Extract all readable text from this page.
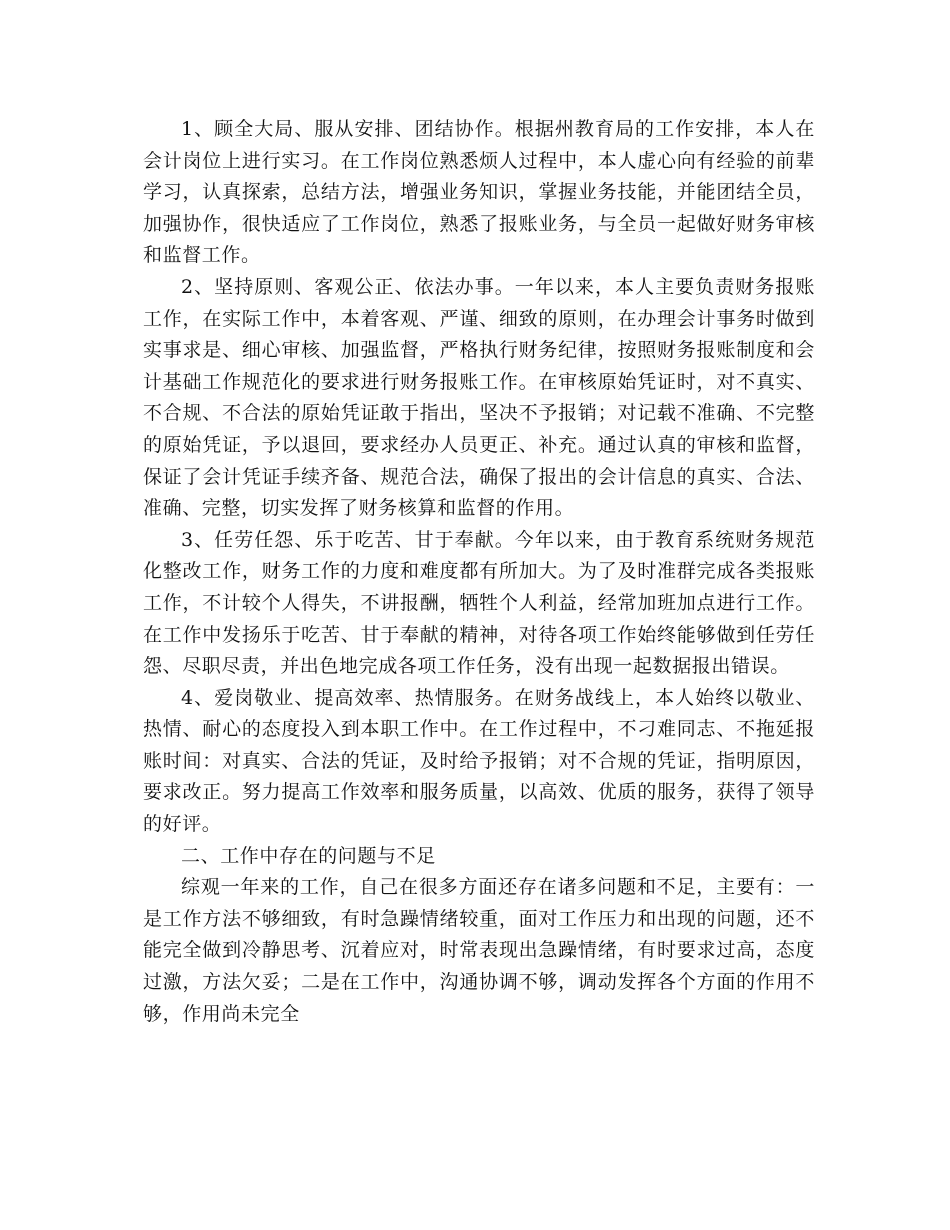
1、顾全大局、服从安排、团结协作。根据州教育局的工作安排，本人在会计岗位上进行实习。在工作岗位熟悉烦人过程中，本人虚心向有经验的前辈学习，认真探索，总结方法，增强业务知识，掌握业务技能，并能团结全员，加强协作，很快适应了工作岗位，熟悉了报账业务，与全员一起做好财务审核和监督工作。

2、坚持原则、客观公正、依法办事。一年以来，本人主要负责财务报账工作，在实际工作中，本着客观、严谨、细致的原则，在办理会计事务时做到实事求是、细心审核、加强监督，严格执行财务纪律，按照财务报账制度和会计基础工作规范化的要求进行财务报账工作。在审核原始凭证时，对不真实、不合规、不合法的原始凭证敢于指出，坚决不予报销；对记载不准确、不完整的原始凭证，予以退回，要求经办人员更正、补充。通过认真的审核和监督，保证了会计凭证手续齐备、规范合法，确保了报出的会计信息的真实、合法、准确、完整，切实发挥了财务核算和监督的作用。

3、任劳任怨、乐于吃苦、甘于奉献。今年以来，由于教育系统财务规范化整改工作，财务工作的力度和难度都有所加大。为了及时准群完成各类报账工作，不计较个人得失，不讲报酬，牺牲个人利益，经常加班加点进行工作。在工作中发扬乐于吃苦、甘于奉献的精神，对待各项工作始终能够做到任劳任怨、尽职尽责，并出色地完成各项工作任务，没有出现一起数据报出错误。

4、爱岗敬业、提高效率、热情服务。在财务战线上，本人始终以敬业、热情、耐心的态度投入到本职工作中。在工作过程中，不刁难同志、不拖延报账时间：对真实、合法的凭证，及时给予报销；对不合规的凭证，指明原因，要求改正。努力提高工作效率和服务质量，以高效、优质的服务，获得了领导的好评。

二、工作中存在的问题与不足

综观一年来的工作，自己在很多方面还存在诸多问题和不足，主要有：一是工作方法不够细致，有时急躁情绪较重，面对工作压力和出现的问题，还不能完全做到冷静思考、沉着应对，时常表现出急躁情绪，有时要求过高，态度过激，方法欠妥；二是在工作中，沟通协调不够，调动发挥各个方面的作用不够，作用尚未完全
